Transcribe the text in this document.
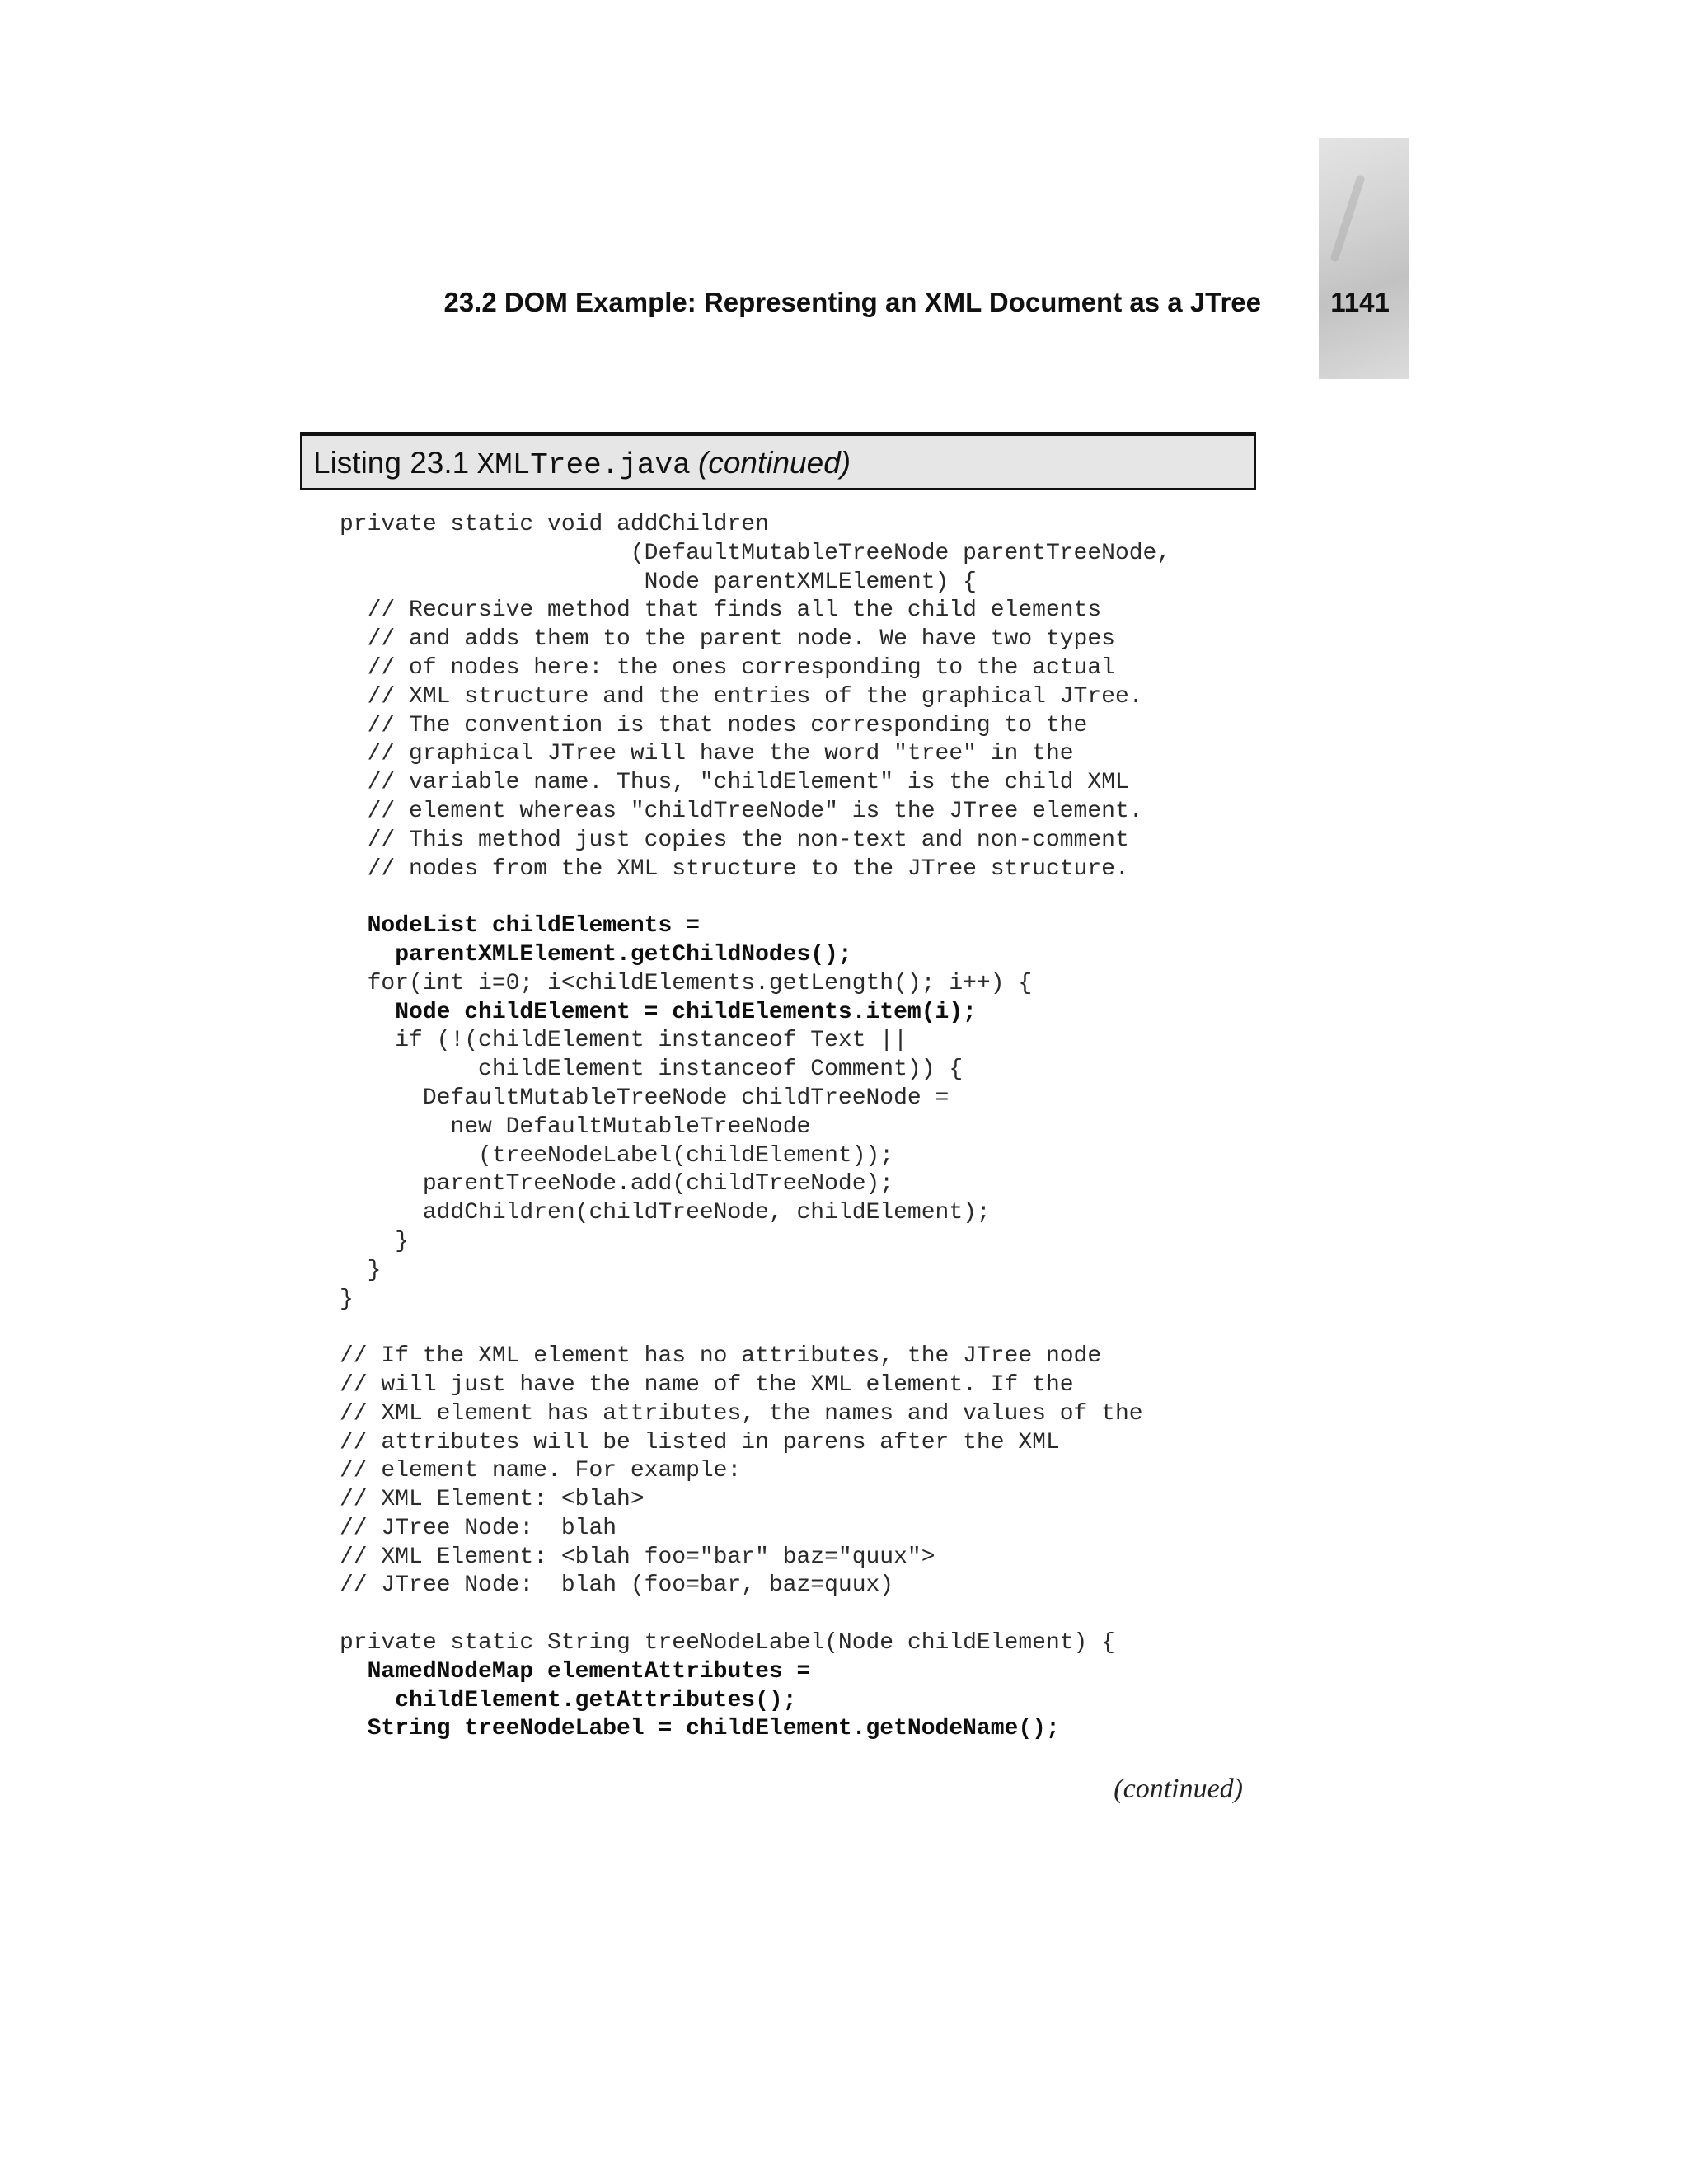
23.2 DOM Example: Representing an XML Document as a JTree	1141
Listing 23.1 XMLTree.java (continued)
private static void addChildren
(DefaultMutableTreeNode parentTreeNode,
Node parentXMLElement) {
// Recursive method that finds all the child elements
// and adds them to the parent node. We have two types
// of nodes here: the ones corresponding to the actual
// XML structure and the entries of the graphical JTree.
// The convention is that nodes corresponding to the
// graphical JTree will have the word "tree" in the
// variable name. Thus, "childElement" is the child XML
// element whereas "childTreeNode" is the JTree element.
// This method just copies the non-text and non-comment
// nodes from the XML structure to the JTree structure.
NodeList childElements =
parentXMLElement.getChildNodes();
for(int i=0; i<childElements.getLength(); i++) {
Node childElement = childElements.item(i);
if (!(childElement instanceof Text ||
childElement instanceof Comment)) {
DefaultMutableTreeNode childTreeNode =
new DefaultMutableTreeNode
(treeNodeLabel(childElement));
parentTreeNode.add(childTreeNode);
addChildren(childTreeNode, childElement);
}
}
}
// If the XML element has no attributes, the JTree node
// will just have the name of the XML element. If the
// XML element has attributes, the names and values of the
// attributes will be listed in parens after the XML
// element name. For example:
// XML Element: <blah>
// JTree Node:  blah
// XML Element: <blah foo="bar" baz="quux">
// JTree Node:  blah (foo=bar, baz=quux)
private static String treeNodeLabel(Node childElement) {
NamedNodeMap elementAttributes =
childElement.getAttributes();
String treeNodeLabel = childElement.getNodeName();
(continued)
